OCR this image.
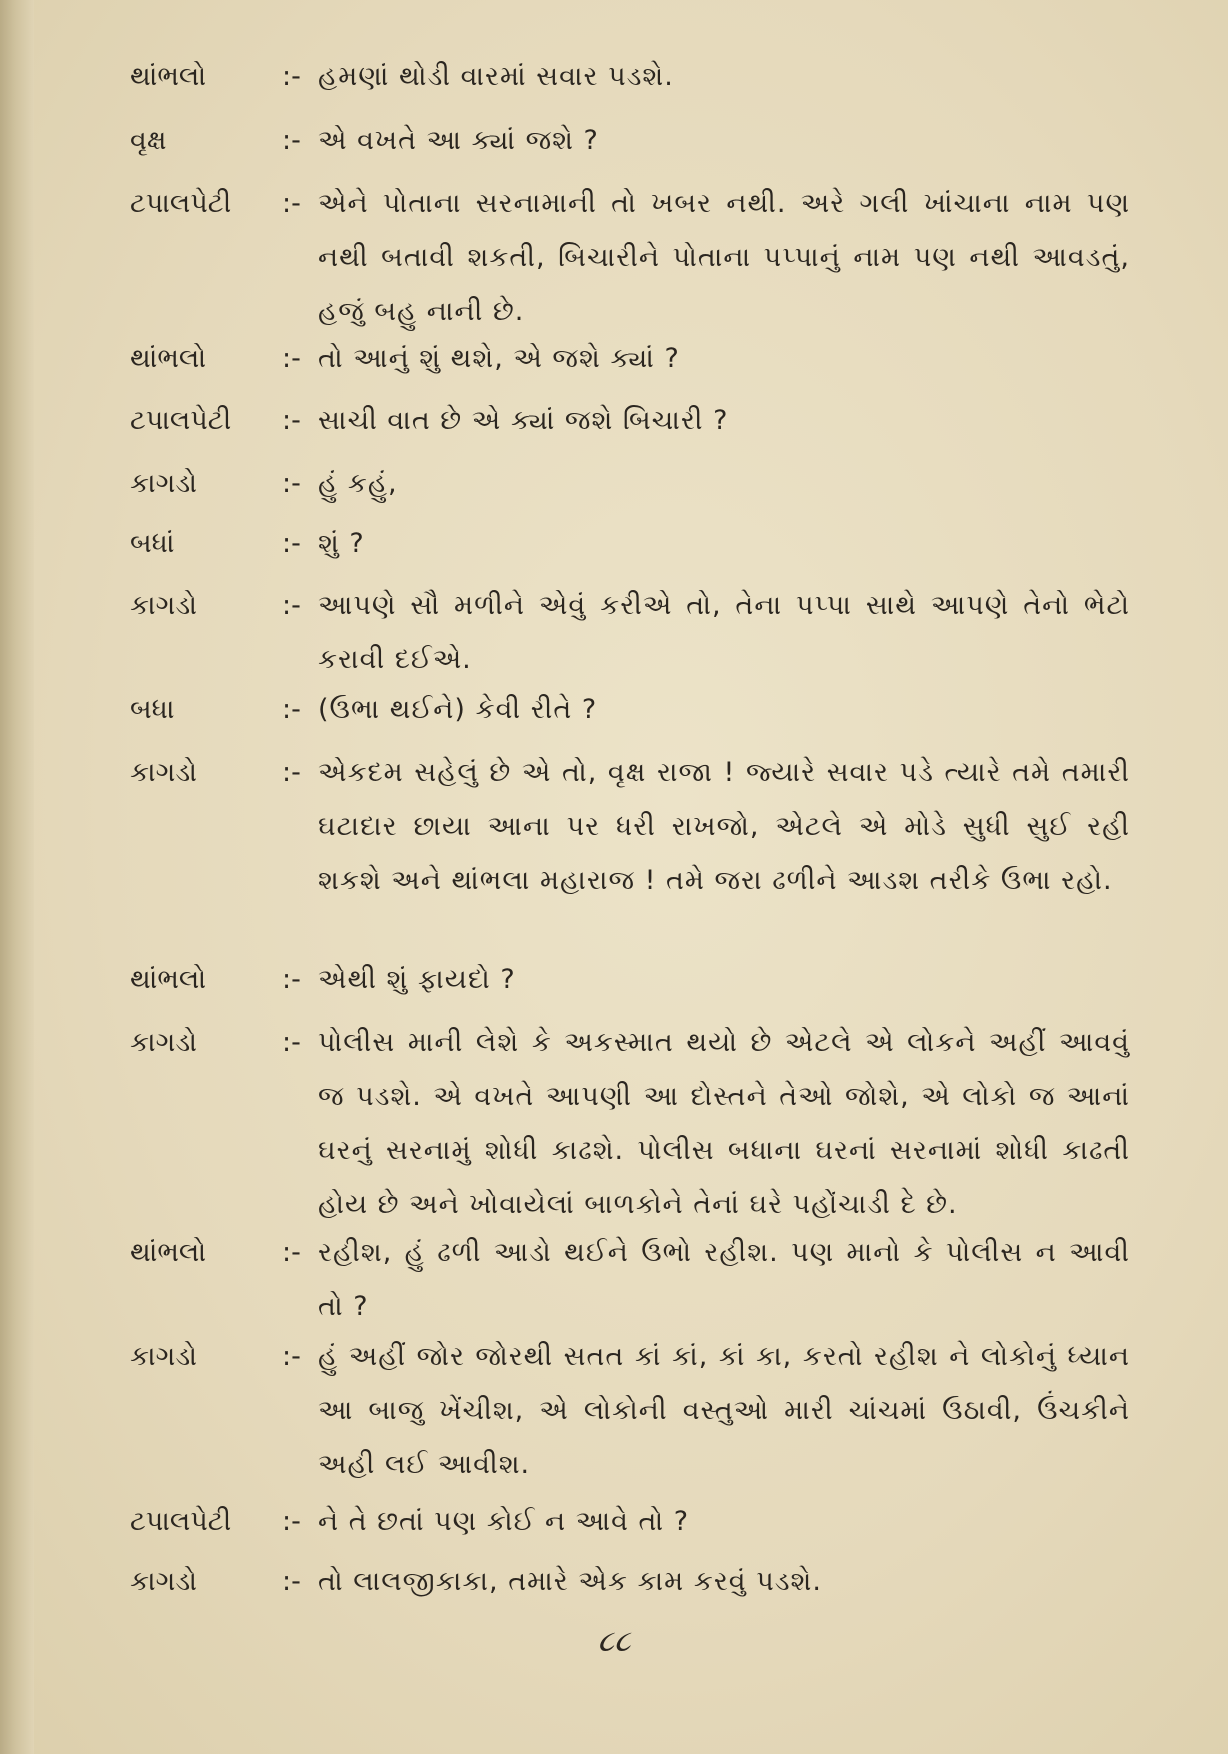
થાંભલો	:- હમણાં થોડી વારમાં સવાર પડશે.
વૃક્ષ	:- એ વખતે આ ક્યાં જશે ?
ટપાલપેટી :- એને પોતાના સરનામાની તો ખબર નથી. અરે ગલી ખાંચાના નામ પણ નથી બતાવી શકતી, બિચારીને પોતાના પપ્પાનું નામ પણ નથી આવડતું, હજું બહુ નાની છે.
થાંભલો	:- તો આનું શું થશે, એ જશે ક્યાં ?
ટપાલપેટી :- સાચી વાત છે એ ક્યાં જશે બિચારી ?
કાગડો	:- હું કહું,
બધાં	:- શું ?
કાગડો	:- આપણે સૌ મળીને એવું કરીએ તો, તેના પપ્પા સાથે આપણે તેનો ભેટો કરાવી દઈએ.
બધા	:- (ઉભા થઈને) કેવી રીતે ?
કાગડો	:- એકદમ સહેલું છે એ તો, વૃક્ષ રાજા ! જ્યારે સવાર પડે ત્યારે તમે તમારી ઘટાદાર છાયા આના પર ધરી રાખજો, એટલે એ મોડે સુધી સુઈ રહી શકશે અને થાંભલા મહારાજ ! તમે જરા ઢળીને આડશ તરીકે ઉભા રહો.
થાંભલો	:- એથી શું ફાયદો ?
કાગડો	:- પોલીસ માની લેશે કે અકસ્માત થયો છે એટલે એ લોકને અહીં આવવું જ પડશે. એ વખતે આપણી આ દોસ્તને તેઓ જોશે, એ લોકો જ આનાં ઘરનું સરનામું શોધી કાઢશે. પોલીસ બધાના ઘરનાં સરનામાં શોધી કાઢતી હોય છે અને ખોવાયેલાં બાળકોને તેનાં ઘરે પહોંચાડી દે છે.
થાંભલો	:- રહીશ, હું ઢળી આડો થઈને ઉભો રહીશ. પણ માનો કે પોલીસ ન આવી તો ?
કાગડો	:- હું અહીં જોર જોરથી સતત કાં કાં, કાં કા, કરતો રહીશ ને લોકોનું ધ્યાન આ બાજુ ખેંચીશ, એ લોકોની વસ્તુઓ મારી ચાંચમાં ઉઠાવી, ઉંચકીને અહી લઈ આવીશ.
ટપાલપેટી :- ને તે છતાં પણ કોઈ ન આવે તો ?
કાગડો	:- તો લાલજીકાકા, તમારે એક કામ કરવું પડશે.
૮૮
